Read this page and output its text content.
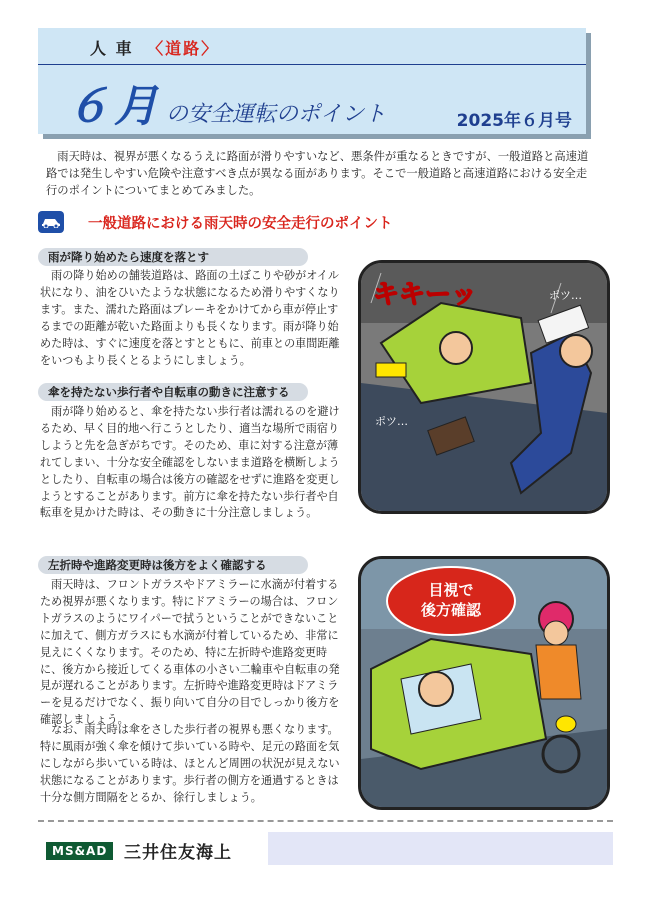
人 車 〈道路〉
６月 の安全運転のポイント	2025年６月号
雨天時は、視界が悪くなるうえに路面が滑りやすいなど、悪条件が重なるときですが、一般道路と高速道路では発生しやすい危険や注意すべき点が異なる面があります。そこで一般道路と高速道路における安全走行のポイントについてまとめてみました。
一般道路における雨天時の安全走行のポイント
雨が降り始めたら速度を落とす
雨の降り始めの舗装道路は、路面の土ぼこりや砂がオイル状になり、油をひいたような状態になるため滑りやすくなります。また、濡れた路面はブレーキをかけてから車が停止するまでの距離が乾いた路面よりも長くなります。雨が降り始めた時は、すぐに速度を落とすとともに、前車との車間距離をいつもより長くとるようにしましょう。
傘を持たない歩行者や自転車の動きに注意する
雨が降り始めると、傘を持たない歩行者は濡れるのを避けるため、早く目的地へ行こうとしたり、適当な場所で雨宿りしようと先を急ぎがちです。そのため、車に対する注意が薄れてしまい、十分な安全確認をしないまま道路を横断しようとしたり、自転車の場合は後方の確認をせずに進路を変更しようとすることがあります。前方に傘を持たない歩行者や自転車を見かけた時は、その動きに十分注意しましょう。
左折時や進路変更時は後方をよく確認する
雨天時は、フロントガラスやドアミラーに水滴が付着するため視界が悪くなります。特にドアミラーの場合は、フロントガラスのようにワイパーで拭うということができないことに加えて、側方ガラスにも水滴が付着しているため、非常に見えにくくなります。そのため、特に左折時や進路変更時に、後方から接近してくる車体の小さい二輪車や自転車の発見が遅れることがあります。左折時や進路変更時はドアミラーを見るだけでなく、振り向いて自分の目でしっかり後方を確認しましょう。
なお、雨天時は傘をさした歩行者の視界も悪くなります。特に風雨が強く傘を傾けて歩いている時や、足元の路面を気にしながら歩いている時は、ほとんど周囲の状況が見えない状態になることがあります。歩行者の側方を通過するときは十分な側方間隔をとるか、徐行しましょう。
キキーッ	ポツ…
ポツ…
目視で
後方確認
MS&AD 三井住友海上
